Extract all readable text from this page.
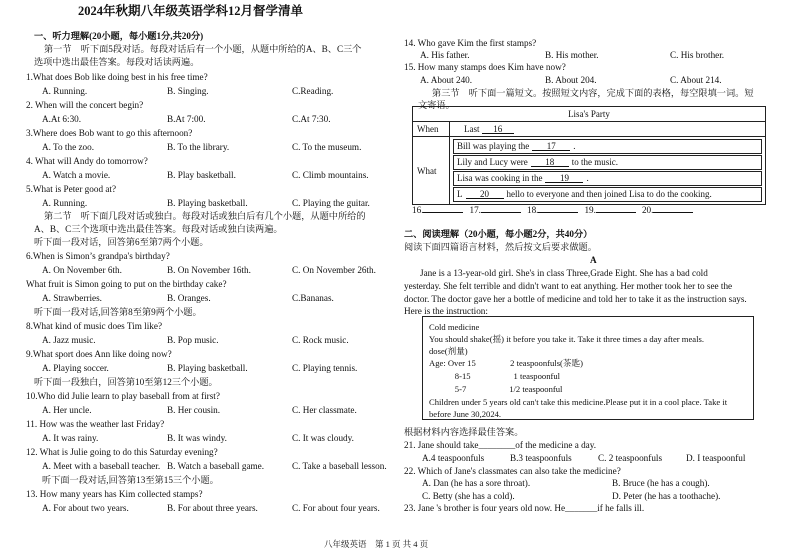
2024年秋期八年级英语学科12月督学清单
一、听力理解(20小题，每小题1分,共20分)
第一节　听下面5段对话。每段对话后有一个小题，从题中所给的A、B、C三个
选项中选出最佳答案。每段对话读两遍。
1.What does Bob like doing best in his free time?
A. Running.	B. Singing.	C.Reading.
2. When will the concert begin?
A.At 6:30.	B.At 7:00.	C.At 7:30.
3.Where does Bob want to go this afternoon?
A. To the zoo.	B. To the library.	C. To the museum.
4. What will Andy do tomorrow?
A. Watch a movie.	B. Play basketball.	C. Climb mountains.
5.What is Peter good at?
A. Running.	B. Playing basketball.	C. Playing the guitar.
第二节　听下面几段对话或独白。每段对话或独白后有几个小题，从题中所给的
A、B、C三个选项中选出最佳答案。每段对话或独白读两遍。
听下面一段对话，回答第6至第7两个小题。
6.When is Simon’s grandpa's birthday?
A. On November 6th.	B. On November 16th.	C. On November 26th.
What fruit is Simon going to put on the birthday cake?
A. Strawberries.	B. Oranges.	C.Bananas.
听下面一段对话,回答第8至第9两个小题。
8.What kind of music does Tim like?
A. Jazz music.	B. Pop music.	C. Rock music.
9.What sport does Ann like doing now?
A. Playing soccer.	B. Playing basketball.	C. Playing tennis.
听下面一段独白，回答第10至第12三个小题。
10.Who did Julie learn to play baseball from at first?
A. Her uncle.	B. Her cousin.	C. Her classmate.
11. How was the weather last Friday?
A. It was rainy.	B. It was windy.	C. It was cloudy.
12. What is Julie going to do this Saturday evening?
A. Meet with a baseball teacher. B. Watch a baseball game.	C. Take a baseball lesson.
听下面一段对话,回答第13至第15三个小题。
13. How many years has Kim collected stamps?
A. For about two years.	B. For about three years.	C. For about four years.
Lisa's Party	
When	Last 16
What	Bill was playing the 17 .
Lily and Lucy were 18 to the music.
Lisa was cooking in the 19 .
L 20 hello to everyone and then joined Lisa to do the cooking.
16.	17.	18.	19.	20.
Cold medicine
You should shake(摇) it before you take it. Take it three times a day after meals.
dose(剂量)
Age: Over 15　　　　2 teaspoonfuls(茶匙)
　　　8-15　　　　　1 teaspoonful
　　　5-7　　　　　1/2 teaspoonful
Children under 5 years old can't take this medicine.Please put it in a cool place. Take it
before June 30,2024.
14. Who gave Kim the first stamps?
A. His father.	B. His mother.	C. His brother.
15. How many stamps does Kim have now?
A. About 240.	B. About 204.	C. About 214.
第三节　听下面一篇短文。按照短文内容，完成下面的表格，每空限填一词。短
文寄语。
二、阅读理解（20小题，每小题2分，共40分）
阅读下面四篇语言材料，然后按文后要求做题。
A
Jane is a 13-year-old girl. She's in class Three,Grade Eight. She has a bad cold
yesterday. She felt terrible and didn't want to eat anything. Her mother took her to see the
doctor. The doctor gave her a bottle of medicine and told her to take it as the instruction says.
Here is the instruction:
根据材料内容选择最佳答案。
21. Jane should take________of the medicine a day.
A.4 teaspoonfuls	B.3 teaspoonfuls	C. 2 teaspoonfuls	D. I teaspoonful
22. Which of Jane's classmates can also take the medicine?
A. Dan (he has a sore throat).	B. Bruce (he has a cough).
C. Betty (she has a cold).	D. Peter (he has a toothache).
23. Jane 's brother is four years old now. He_______if he falls ill.
八年级英语　第 1 页 共 4 页
